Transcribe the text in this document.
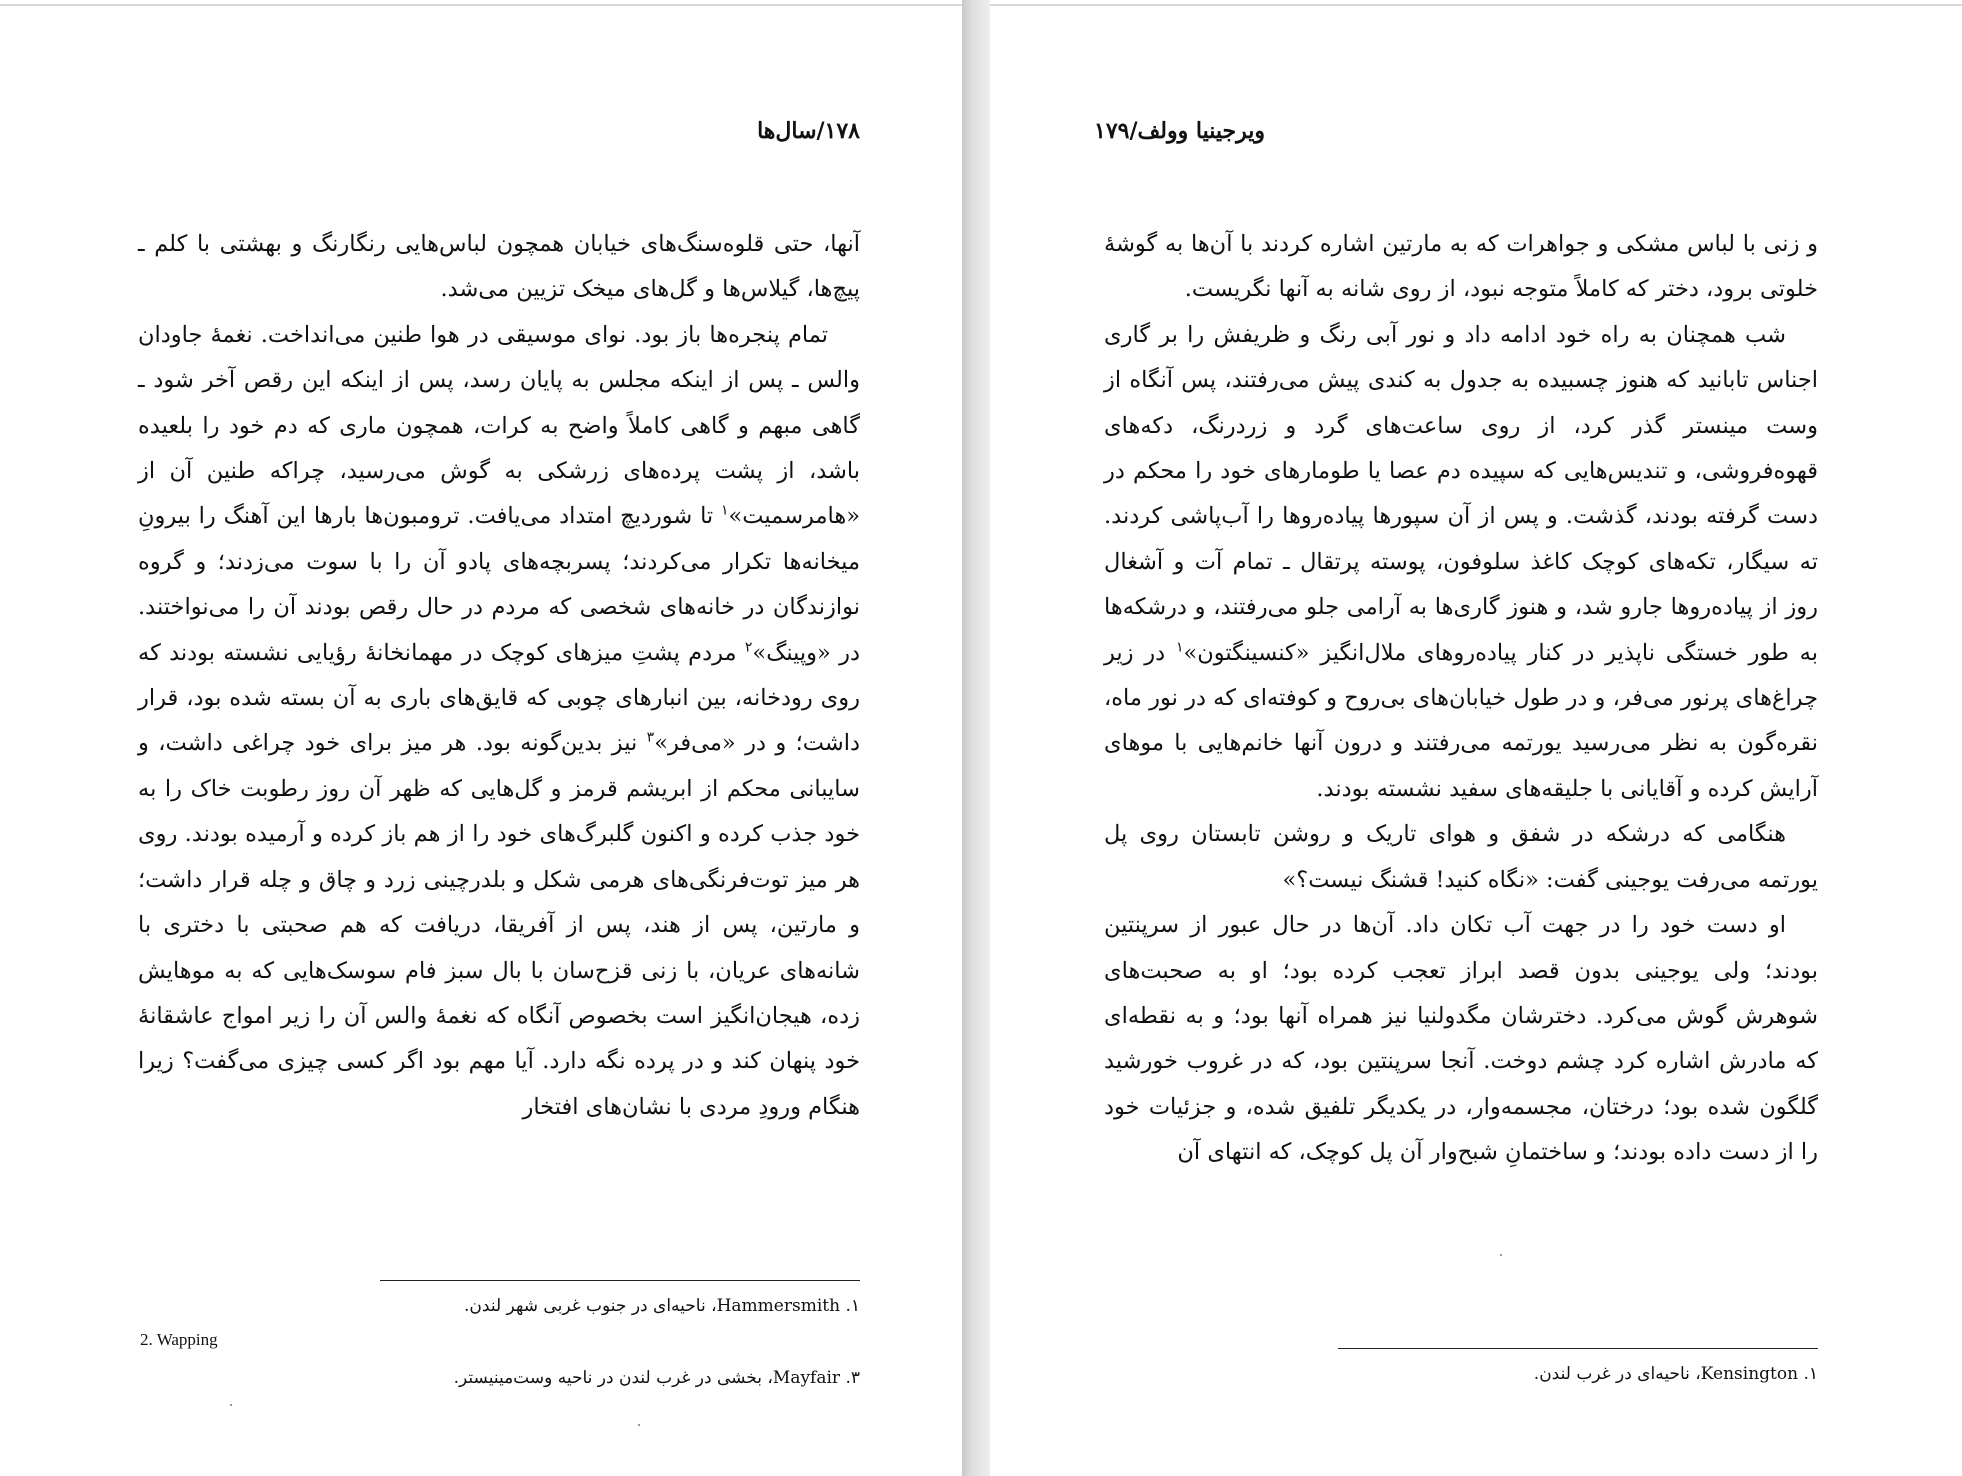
۱۷۸/سال‌ها

آنها، حتی قلوه‌سنگ‌های خیابان همچون لباس‌هایی رنگارنگ و بهشتی با کلم ـ پیچ‌ها، گیلاس‌ها و گل‌های میخک تزیین می‌شد.

تمام پنجره‌ها باز بود. نوای موسیقی در هوا طنین می‌انداخت. نغمهٔ جاودان والس ـ پس از اینکه مجلس به پایان رسد، پس از اینکه این رقص آخر شود ـ گاهی مبهم و گاهی کاملاً واضح به کرات، همچون ماری که دم خود را بلعیده باشد، از پشت پرده‌های زرشکی به گوش می‌رسید، چراکه طنین آن از «هامرسمیت»$^۱$ تا شوردیچ امتداد می‌یافت. ترومبون‌ها بارها این آهنگ را بیرونِ میخانه‌ها تکرار می‌کردند؛ پسربچه‌های پادو آن را با سوت می‌زدند؛ و گروه نوازندگان در خانه‌های شخصی که مردم در حال رقص بودند آن را می‌نواختند. در «وپینگ»$^۲$ مردم پشتِ میزهای کوچک در مهمانخانهٔ رؤیایی نشسته بودند که روی رودخانه، بین انبارهای چوبی که قایق‌های باری به آن بسته شده بود، قرار داشت؛ و در «می‌فر»$^۳$ نیز بدین‌گونه بود. هر میز برای خود چراغی داشت، و سایبانی محکم از ابریشم قرمز و گل‌هایی که ظهر آن روز رطوبت خاک را به خود جذب کرده و اکنون گلبرگ‌های خود را از هم باز کرده و آرمیده بودند. روی هر میز توت‌فرنگی‌های هرمی شکل و بلدرچینی زرد و چاق و چله قرار داشت؛ و مارتین، پس از هند، پس از آفریقا، دریافت که هم صحبتی با دختری با شانه‌های عریان، با زنی قزح‌سان با بال سبز فام سوسک‌هایی که به موهایش زده، هیجان‌انگیز است بخصوص آنگاه که نغمهٔ والس آن را زیر امواج عاشقانهٔ خود پنهان کند و در پرده نگه دارد. آیا مهم بود اگر کسی چیزی می‌گفت؟ زیرا هنگام ورودِ مردی با نشان‌های افتخار

۱. Hammersmith، ناحیه‌ای در جنوب غربی شهر لندن.
2. Wapping
۳. Mayfair، بخشی در غرب لندن در ناحیه وست‌مینیستر.
ویرجینیا وولف/۱۷۹

و زنی با لباس مشکی و جواهرات که به مارتین اشاره کردند با آن‌ها به گوشهٔ خلوتی برود، دختر که کاملاً متوجه نبود، از روی شانه به آنها نگریست.

شب همچنان به راه خود ادامه داد و نور آبی رنگ و ظریفش را بر گاری اجناس تابانید که هنوز چسبیده به جدول به کندی پیش می‌رفتند، پس آنگاه از وست مینستر گذر کرد، از روی ساعت‌های گرد و زردرنگ، دکه‌های قهوه‌فروشی، و تندیس‌هایی که سپیده دم عصا یا طومارهای خود را محکم در دست گرفته بودند، گذشت. و پس از آن سپورها پیاده‌روها را آب‌پاشی کردند. ته سیگار، تکه‌های کوچک کاغذ سلوفون، پوسته پرتقال ـ تمام آت و آشغال روز از پیاده‌روها جارو شد، و هنوز گاری‌ها به آرامی جلو می‌رفتند، و درشکه‌ها به طور خستگی ناپذیر در کنار پیاده‌روهای ملال‌انگیز «کنسینگتون»$^۱$ در زیر چراغ‌های پرنور می‌فر، و در طول خیابان‌های بی‌روح و کوفته‌ای که در نور ماه، نقره‌گون به نظر می‌رسید یورتمه می‌رفتند و درون آنها خانم‌هایی با موهای آرایش کرده و آقایانی با جلیقه‌های سفید نشسته بودند.

هنگامی که درشکه در شفق و هوای تاریک و روشن تابستان روی پل یورتمه می‌رفت یوجینی گفت: «نگاه کنید! قشنگ نیست؟»

او دست خود را در جهت آب تکان داد. آن‌ها در حال عبور از سرپنتین بودند؛ ولی یوجینی بدون قصد ابراز تعجب کرده بود؛ او به صحبت‌های شوهرش گوش می‌کرد. دخترشان مگدولنیا نیز همراه آنها بود؛ و به نقطه‌ای که مادرش اشاره کرد چشم دوخت. آنجا سرپنتین بود، که در غروب خورشید گلگون شده بود؛ درختان، مجسمه‌وار، در یکدیگر تلفیق شده، و جزئیات خود را از دست داده بودند؛ و ساختمانِ شبح‌وار آن پل کوچک، که انتهای آن

۱. Kensington، ناحیه‌ای در غرب لندن.
